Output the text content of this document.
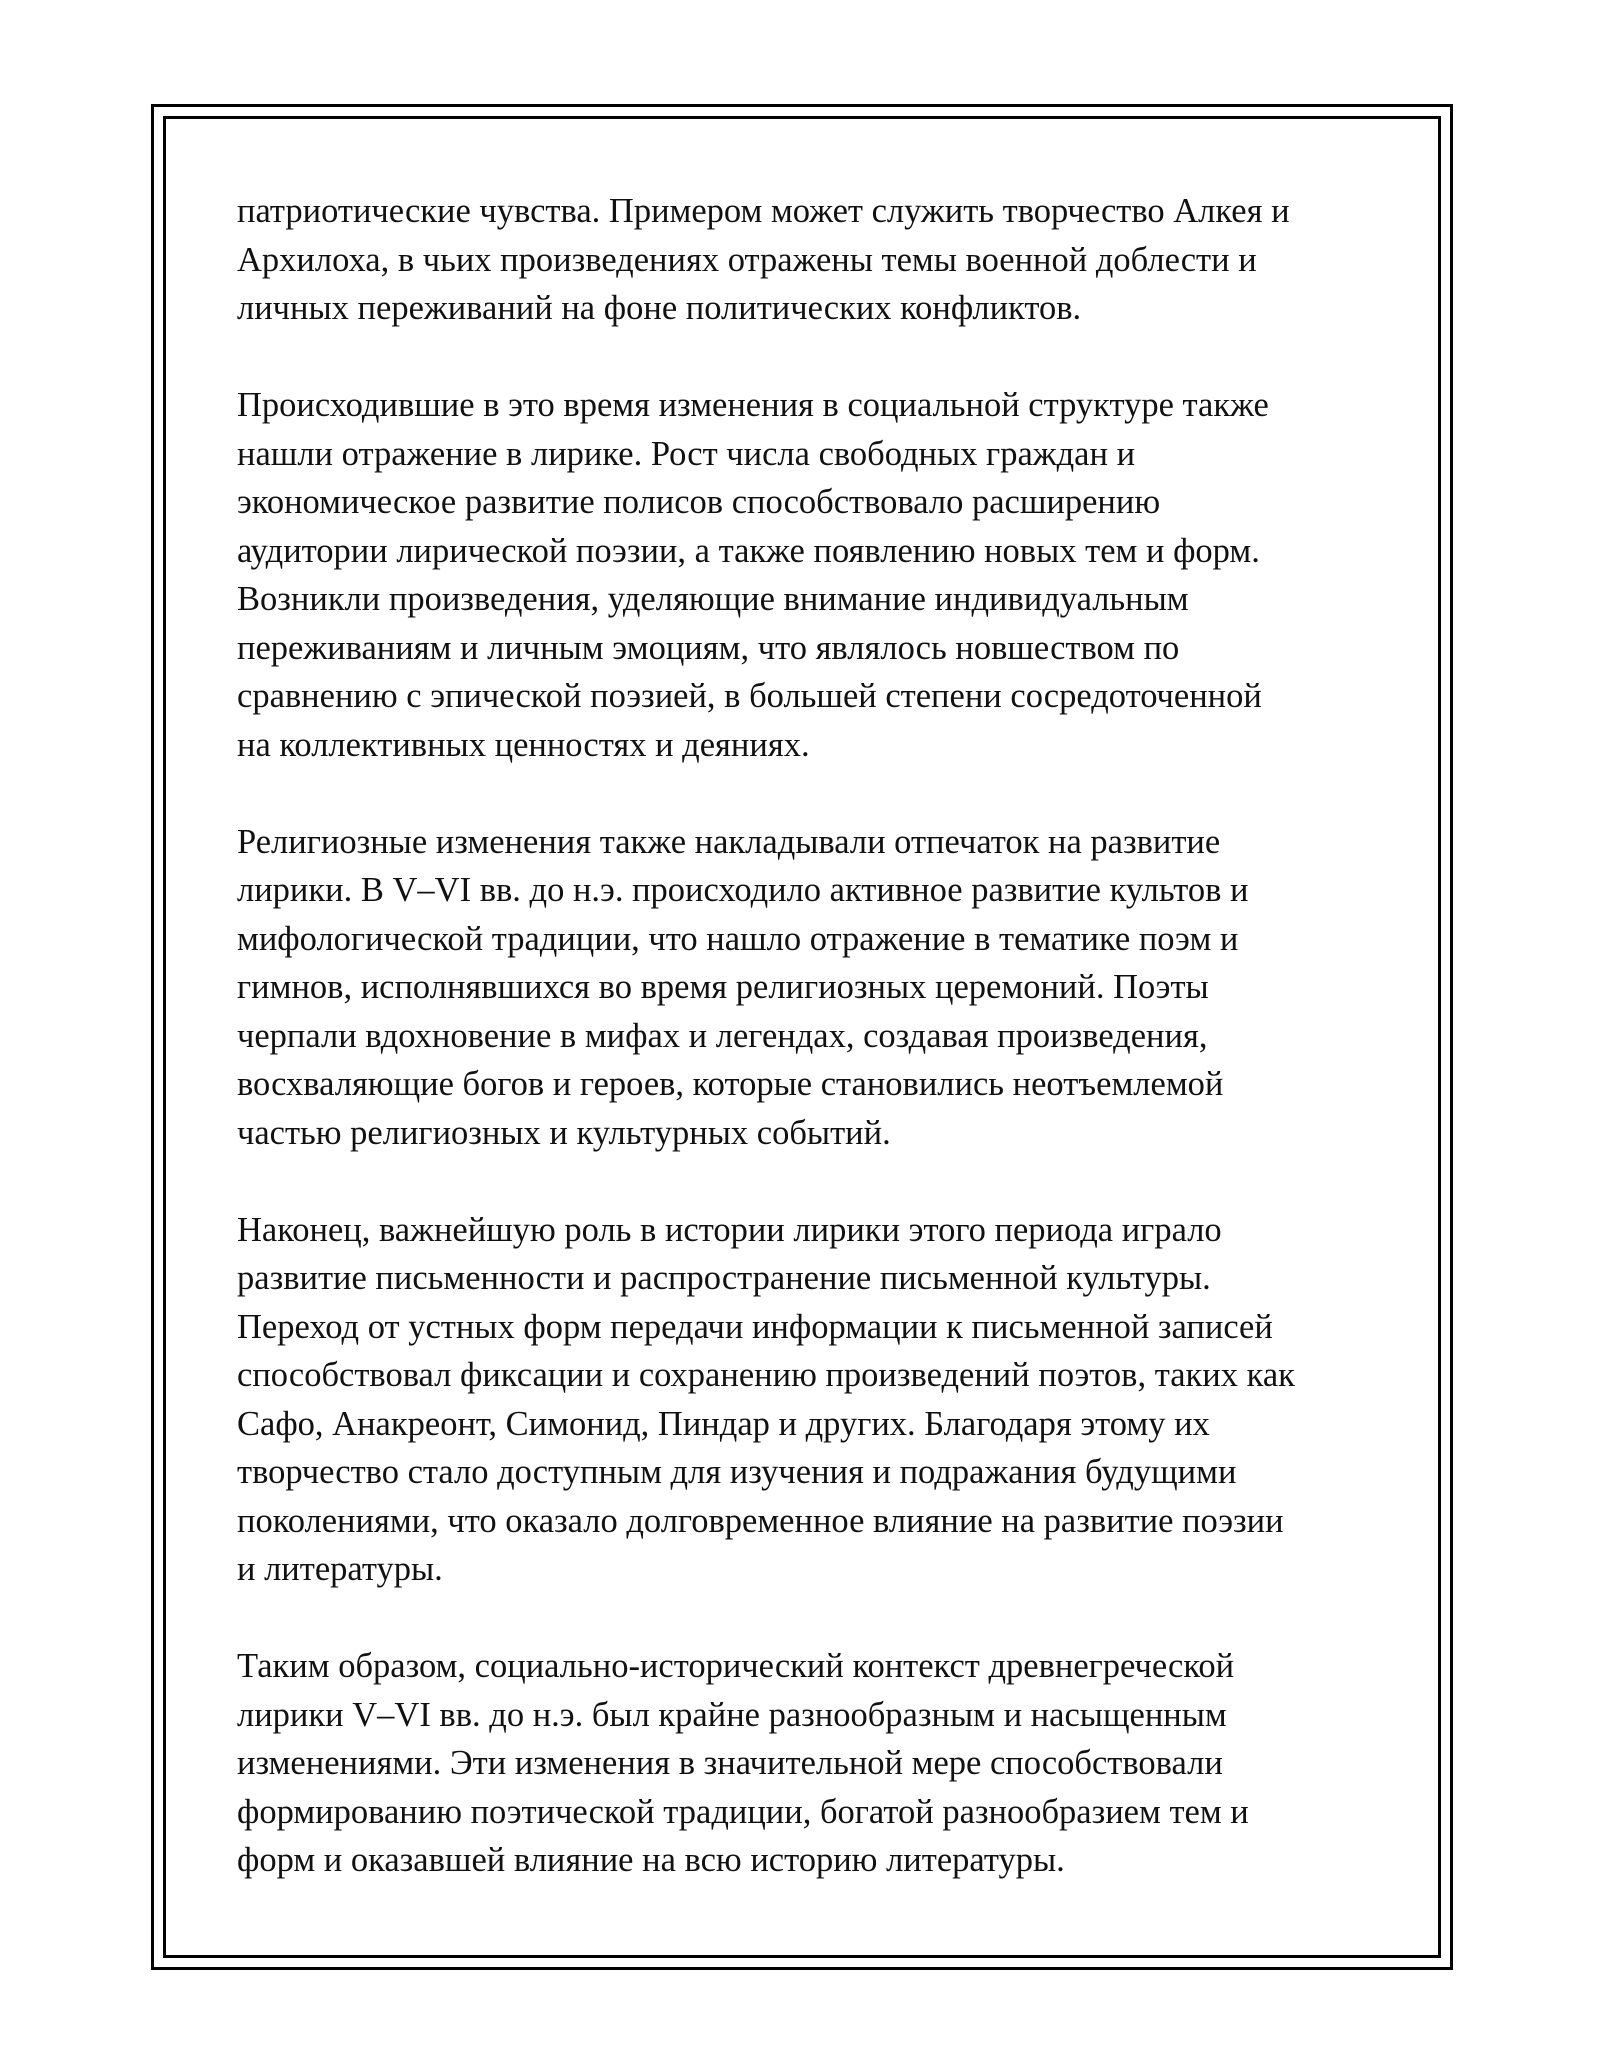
патриотические чувства. Примером может служить творчество Алкея и
Архилоха, в чьих произведениях отражены темы военной доблести и
личных переживаний на фоне политических конфликтов.

Происходившие в это время изменения в социальной структуре также
нашли отражение в лирике. Рост числа свободных граждан и
экономическое развитие полисов способствовало расширению
аудитории лирической поэзии, а также появлению новых тем и форм.
Возникли произведения, уделяющие внимание индивидуальным
переживаниям и личным эмоциям, что являлось новшеством по
сравнению с эпической поэзией, в большей степени сосредоточенной
на коллективных ценностях и деяниях.

Религиозные изменения также накладывали отпечаток на развитие
лирики. В V–VI вв. до н.э. происходило активное развитие культов и
мифологической традиции, что нашло отражение в тематике поэм и
гимнов, исполнявшихся во время религиозных церемоний. Поэты
черпали вдохновение в мифах и легендах, создавая произведения,
восхваляющие богов и героев, которые становились неотъемлемой
частью религиозных и культурных событий.

Наконец, важнейшую роль в истории лирики этого периода играло
развитие письменности и распространение письменной культуры.
Переход от устных форм передачи информации к письменной записей
способствовал фиксации и сохранению произведений поэтов, таких как
Сафо, Анакреонт, Симонид, Пиндар и других. Благодаря этому их
творчество стало доступным для изучения и подражания будущими
поколениями, что оказало долговременное влияние на развитие поэзии
и литературы.

Таким образом, социально-исторический контекст древнегреческой
лирики V–VI вв. до н.э. был крайне разнообразным и насыщенным
изменениями. Эти изменения в значительной мере способствовали
формированию поэтической традиции, богатой разнообразием тем и
форм и оказавшей влияние на всю историю литературы.
